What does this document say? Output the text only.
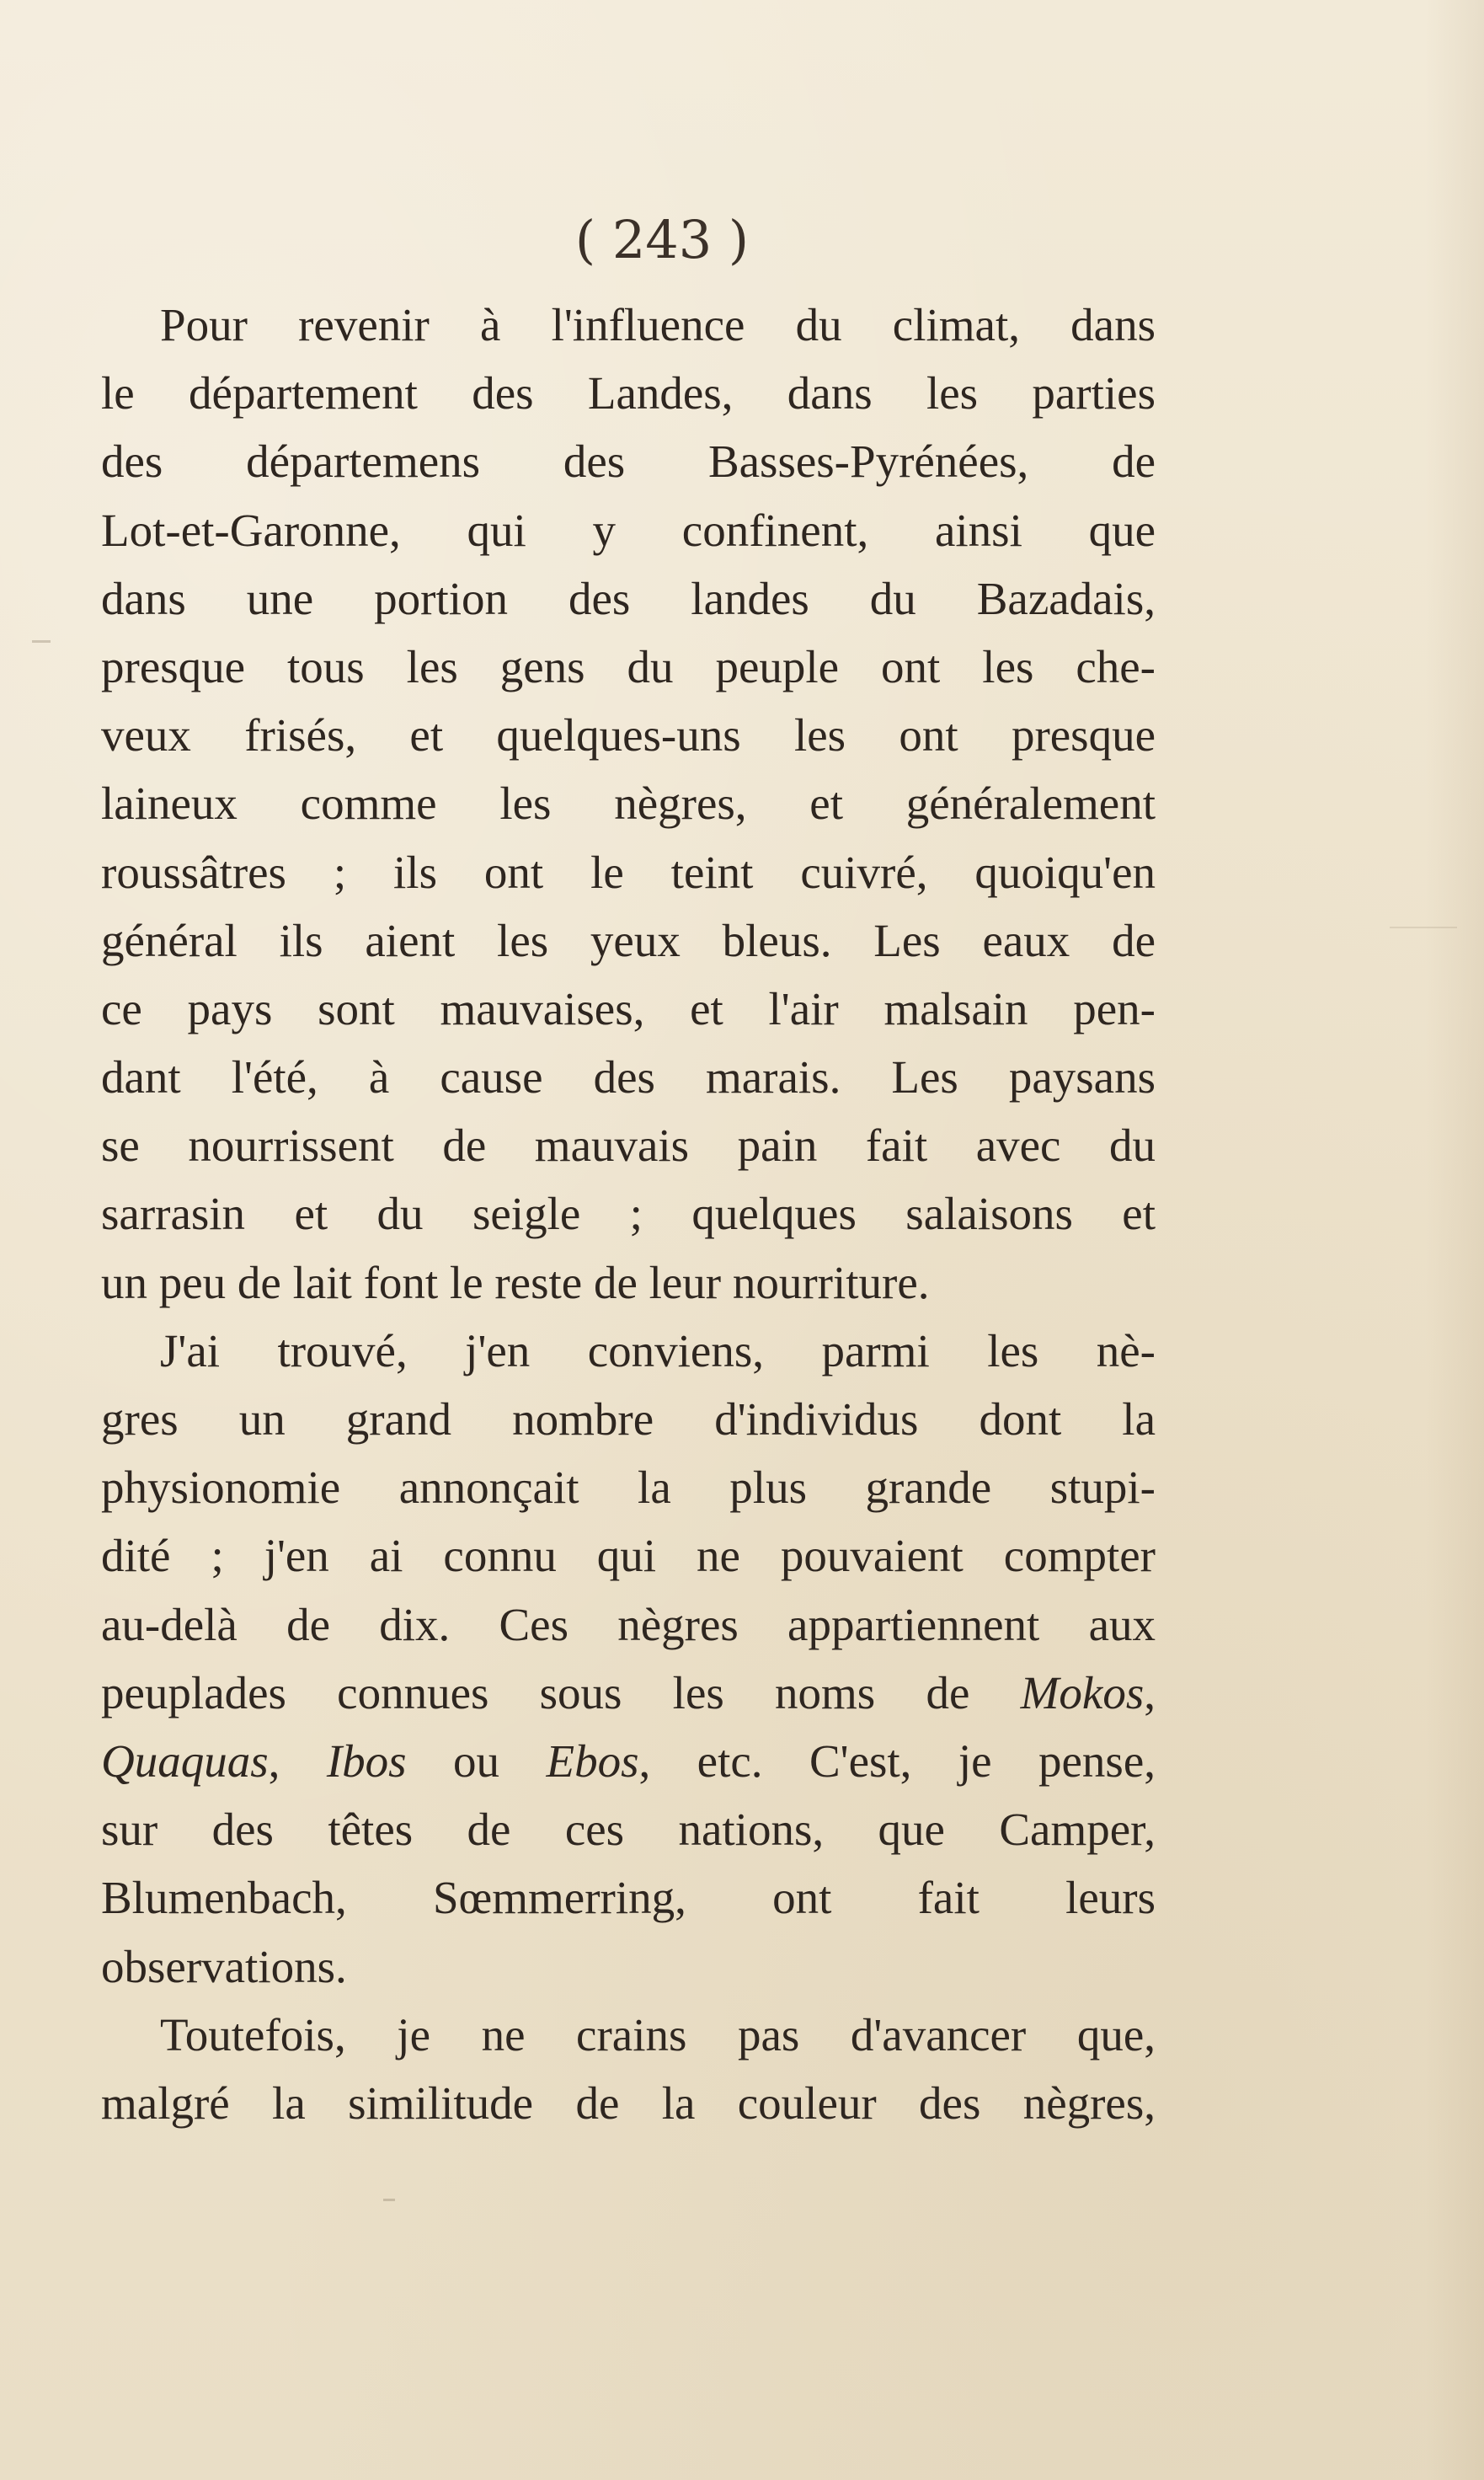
( 243 )
Pour revenir à l'influence du climat, dans
le département des Landes, dans les parties
des départemens des Basses-Pyrénées, de
Lot-et-Garonne, qui y confinent, ainsi que
dans une portion des landes du Bazadais,
presque tous les gens du peuple ont les che-
veux frisés, et quelques-uns les ont presque
laineux comme les nègres, et généralement
roussâtres ; ils ont le teint cuivré, quoiqu'en
général ils aient les yeux bleus. Les eaux de
ce pays sont mauvaises, et l'air malsain pen-
dant l'été, à cause des marais. Les paysans
se nourrissent de mauvais pain fait avec du
sarrasin et du seigle ; quelques salaisons et
un peu de lait font le reste de leur nourriture.
J'ai trouvé, j'en conviens, parmi les nè-
gres un grand nombre d'individus dont la
physionomie annonçait la plus grande stupi-
dité ; j'en ai connu qui ne pouvaient compter
au-delà de dix. Ces nègres appartiennent aux
peuplades connues sous les noms de Mokos,
Quaquas, Ibos ou Ebos, etc. C'est, je pense,
sur des têtes de ces nations, que Camper,
Blumenbach, Sœmmerring, ont fait leurs
observations.
Toutefois, je ne crains pas d'avancer que,
malgré la similitude de la couleur des nègres,
